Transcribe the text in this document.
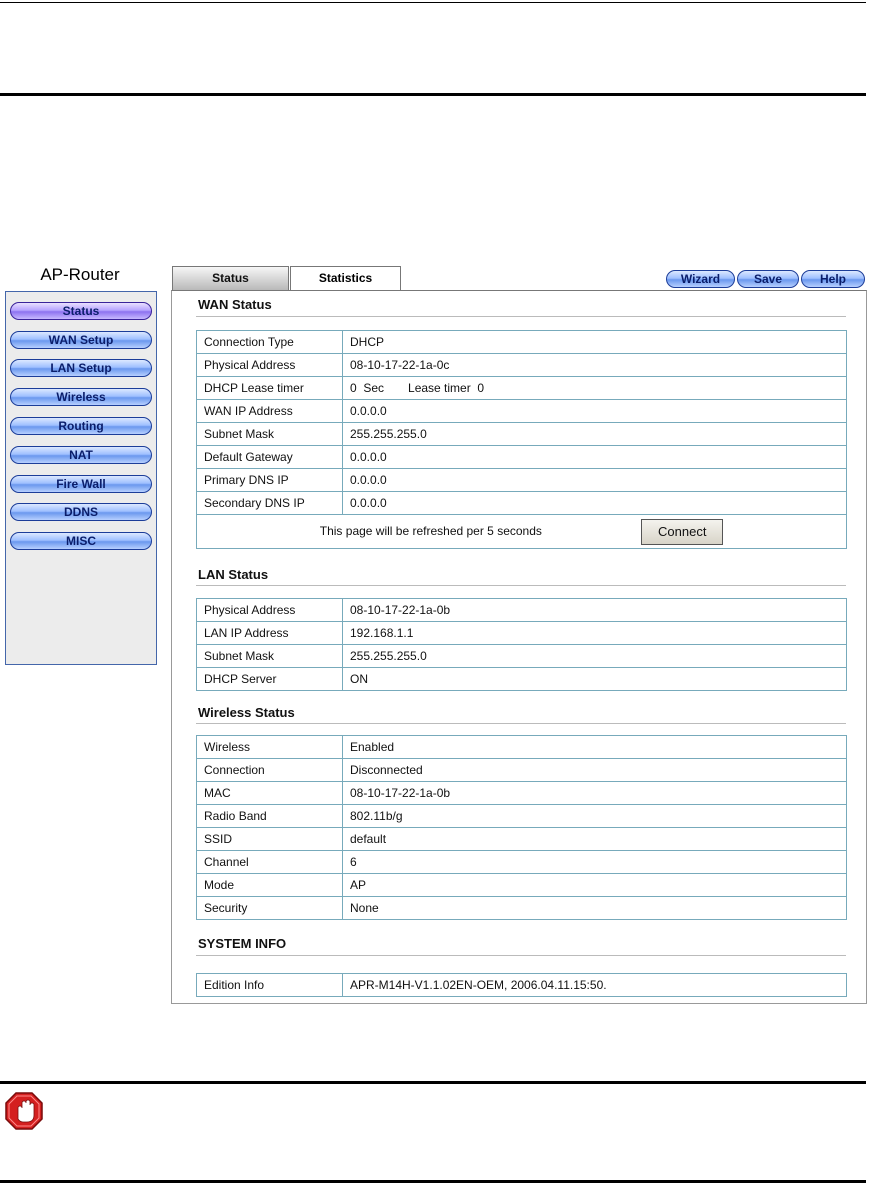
AP-Router
Status
WAN Setup
LAN Setup
Wireless
Routing
NAT
Fire Wall
DDNS
MISC
Status	Statistics	Wizard	Save	Help
WAN Status
Connection Type	DHCP
Physical Address	08-10-17-22-1a-0c
DHCP Lease timer	0  Sec Lease timer  0
WAN IP Address	0.0.0.0
Subnet Mask	255.255.255.0
Default Gateway	0.0.0.0
Primary DNS IP	0.0.0.0
Secondary DNS IP	0.0.0.0
This page will be refreshed per 5 seconds Connect	
LAN Status
Physical Address	08-10-17-22-1a-0b
LAN IP Address	192.168.1.1
Subnet Mask	255.255.255.0
DHCP Server	ON
Wireless Status
Wireless	Enabled
Connection	Disconnected
MAC	08-10-17-22-1a-0b
Radio Band	802.11b/g
SSID	default
Channel	6
Mode	AP
Security	None
SYSTEM INFO
Edition Info	APR-M14H-V1.1.02EN-OEM, 2006.04.11.15:50.
